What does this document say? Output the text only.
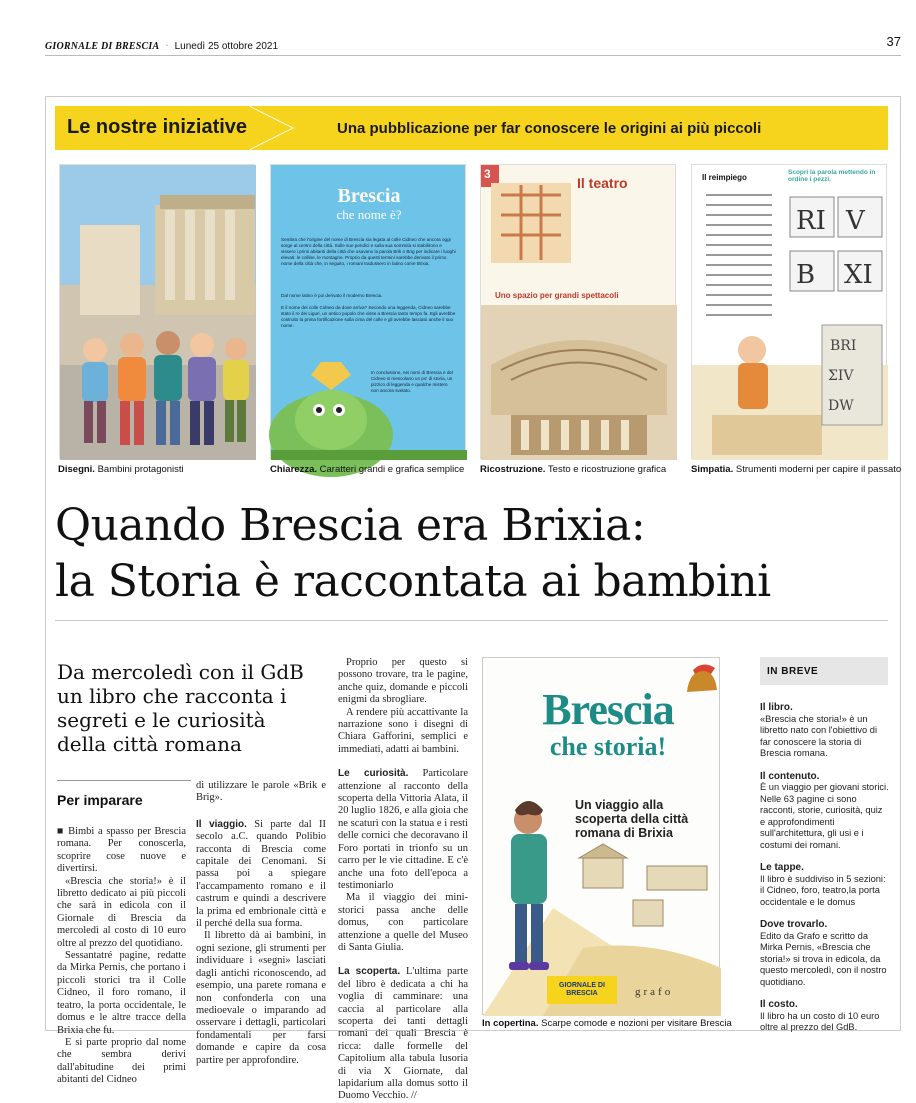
GIORNALE DI BRESCIA · Lunedì 25 ottobre 2021	37
Le nostre iniziative	Una pubblicazione per far conoscere le origini ai più piccoli
Disegni. Bambini protagonisti
Brescia
che nome è?
Sembra che l'origine del nome di Brescia sia legata al colle Cidneo che ancora oggi sorge al centro della città. Sulle sue pendici e sulla sua sommità si stabilirono e vissero i primi abitanti della città che usavano la parola Brik o Brig per indicare i luoghi elevati: le colline, le montagne. Proprio da questi termini sarebbe derivato il primo nome della città che, in seguito, i romani tradussero in latino come Brixia.
Dal nome latino è poi derivato il moderno Brescia.
E il nome del colle Cidneo da dove arriva? Secondo una leggenda, Cidneo sarebbe stato il re dei Liguri, un antico popolo che visse a Brescia tanto tempo fa. Egli avrebbe costruito la prima fortificazione sulla cima del colle e gli avrebbe lasciato anche il suo nome.
In conclusione, nei nomi di Brescia e del Cidneo si mescolano un po' di storia, un pizzico di leggenda e qualche mistero non ancora svelato.
Chiarezza. Caratteri grandi e grafica semplice
3
Il teatro
Uno spazio per grandi spettacoli
Ricostruzione. Testo e ricostruzione grafica
Il reimpiego
Scopri la parola mettendo in ordine i pezzi.
RI V
B XI
BRI
ΣIV
DW
Simpatia. Strumenti moderni per capire il passato
Quando Brescia era Brixia:
la Storia è raccontata ai bambini
Da mercoledì con il GdB un libro che racconta i segreti e le curiosità della città romana
Per imparare

■ Bimbi a spasso per Brescia romana. Per conoscerla, scoprire cose nuove e divertirsi.

«Brescia che storia!» è il libretto dedicato ai più piccoli che sarà in edicola con il Giornale di Brescia da mercoledì al costo di 10 euro oltre al prezzo del quotidiano.

Sessantatré pagine, redatte da Mirka Pernis, che portano i piccoli storici tra il Colle Cidneo, il foro romano, il teatro, la porta occidentale, le domus e le altre tracce della Brixia che fu.

E si parte proprio dal nome che sembra derivi dall'abitudine dei primi abitanti del Cidneo

di utilizzare le parole «Brik e Brig».

Il viaggio. Si parte dal II secolo a.C. quando Polibio racconta di Brescia come capitale dei Cenomani. Si passa poi a spiegare l'accampamento romano e il castrum e quindi a descrivere la prima ed embrionale città e il perché della sua forma.

Il libretto dà ai bambini, in ogni sezione, gli strumenti per individuare i «segni» lasciati dagli antichi riconoscendo, ad esempio, una parete romana e non confonderla con una medioevale o imparando ad osservare i dettagli, particolari fondamentali per farsi domande e capire da cosa partire per approfondire.

Proprio per questo si possono trovare, tra le pagine, anche quiz, domande e piccoli enigmi da sbrogliare.

A rendere più accattivante la narrazione sono i disegni di Chiara Gafforini, semplici e immediati, adatti ai bambini.

Le curiosità. Particolare attenzione al racconto della scoperta della Vittoria Alata, il 20 luglio 1826, e alla gioia che ne scaturì con la statua e i resti delle cornici che decoravano il Foro portati in trionfo su un carro per le vie cittadine. E c'è anche una foto dell'epoca a testimoniarlo

Ma il viaggio dei mini-storici passa anche delle domus, con particolare attenzione a quelle del Museo di Santa Giulia.

La scoperta. L'ultima parte del libro è dedicata a chi ha voglia di camminare: una caccia al particolare alla scoperta dei tanti dettagli romani dei quali Brescia è ricca: dalle formelle del Capitolium alla tabula lusoria di via X Giornate, dal lapidarium alla domus sotto il Duomo Vecchio. //

Brescia
che storia!
Un viaggio alla scoperta della città romana di Brixia
GIORNALE DI BRESCIA	grafo
In copertina. Scarpe comode e nozioni per visitare Brescia
IN BREVE
Il libro.
«Brescia che storia!» è un libretto nato con l'obiettivo di far conoscere la storia di Brescia romana.
Il contenuto.
È un viaggio per giovani storici. Nelle 63 pagine ci sono racconti, storie, curiosità, quiz e approfondimenti sull'architettura, gli usi e i costumi dei romani.
Le tappe.
Il libro è suddiviso in 5 sezioni: il Cidneo, foro, teatro,la porta occidentale e le domus
Dove trovarlo.
Edito da Grafo e scritto da Mirka Pernis, «Brescia che storia!» si trova in edicola, da questo mercoledì, con il nostro quotidiano.
Il costo.
Il libro ha un costo di 10 euro oltre al prezzo del GdB.
